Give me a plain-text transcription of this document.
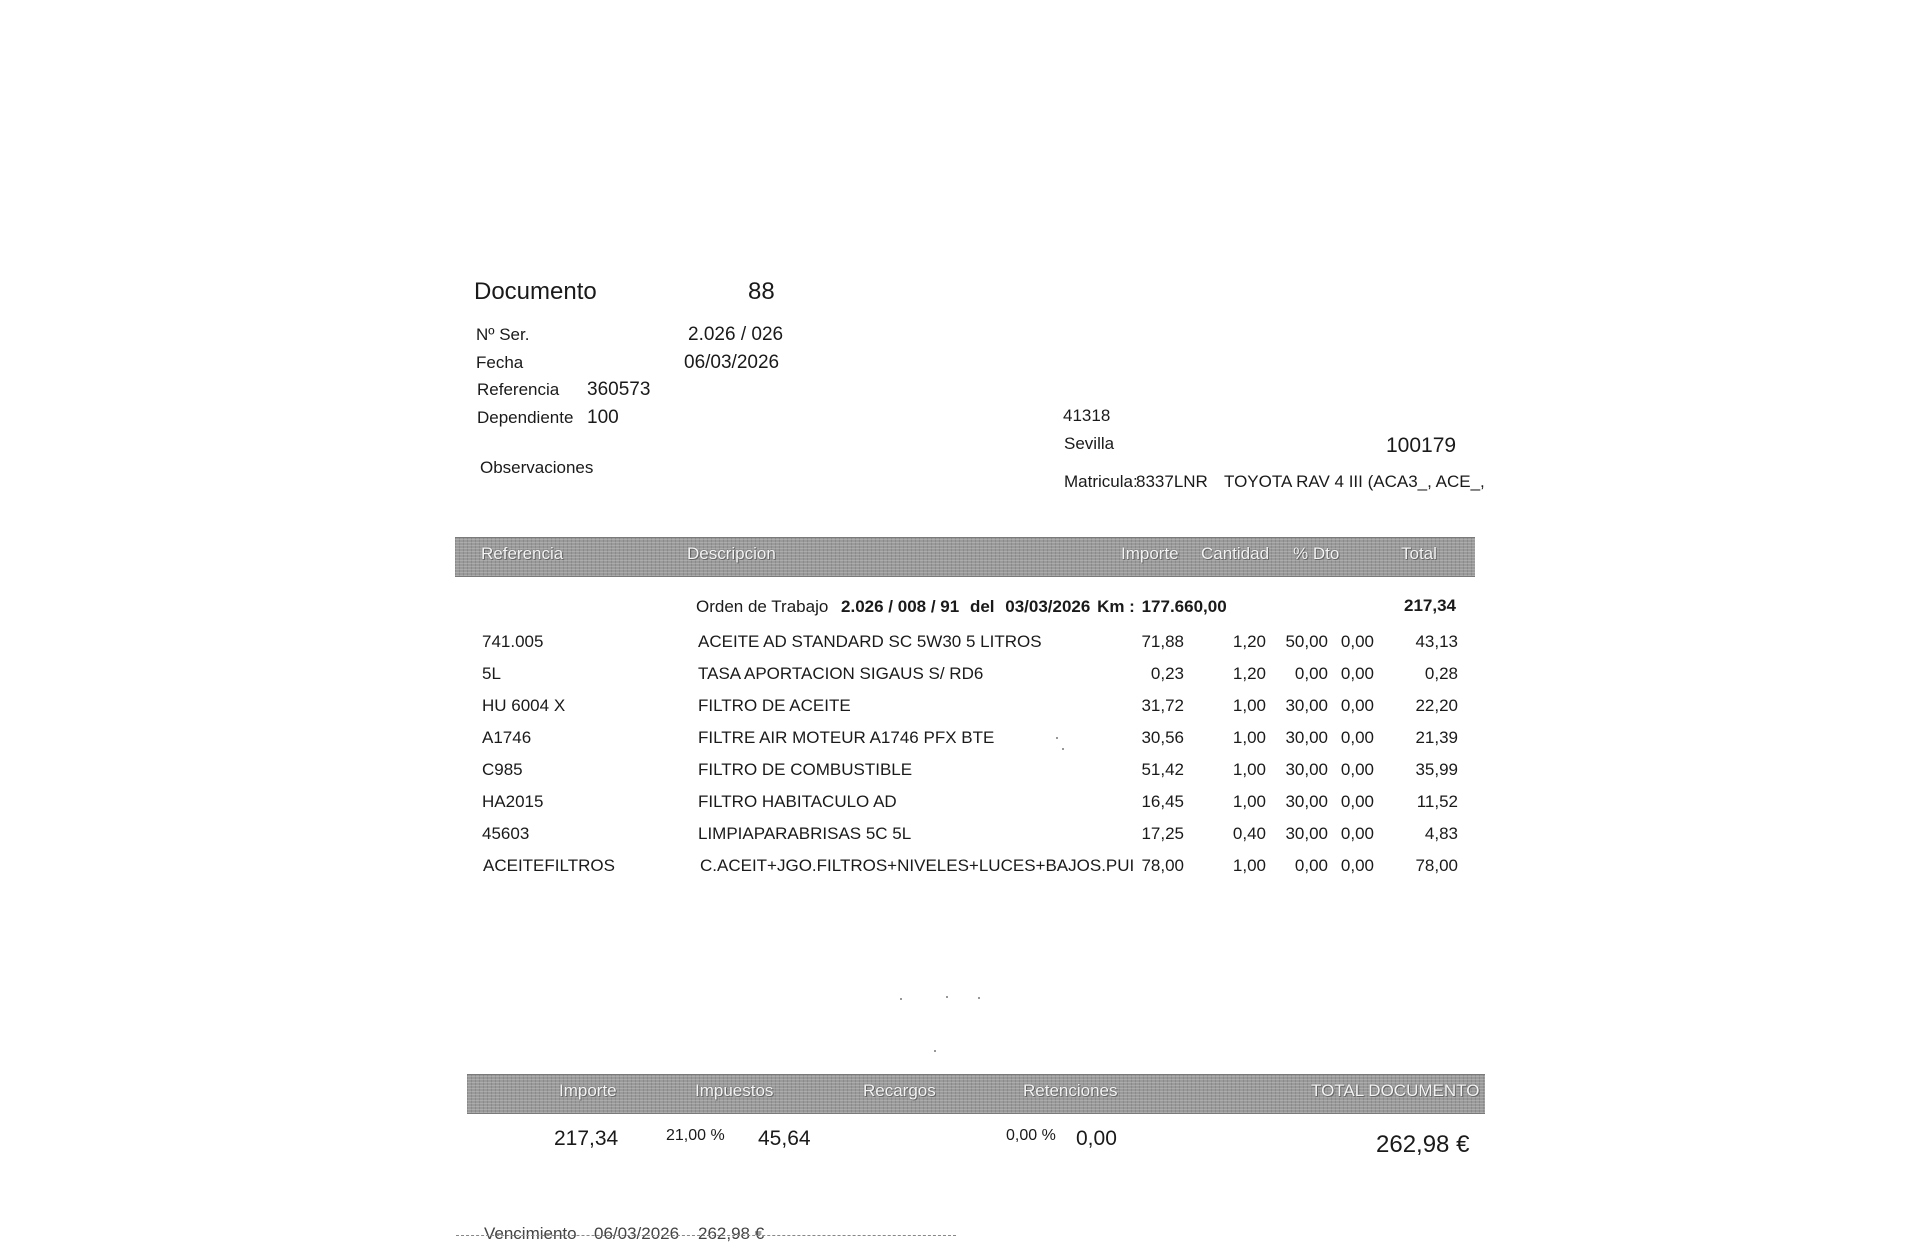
Documento	88
Nº Ser.	2.026 / 026
Fecha	06/03/2026
Referencia 360573
Dependiente 100
Observaciones
41318
Sevilla	100179
Matricula:
8337LNR TOYOTA RAV 4 III (ACA3_, ACE_,
Referencia	Descripcion	Importe Cantidad % Dto	Total
Orden de Trabajo 2.026 / 008 / 91 del 03/03/2026 Km : 177.660,00	217,34
741.005	ACEITE AD STANDARD SC 5W30 5 LITROS	71,88	1,20	50,00 0,00	43,13
5L	TASA APORTACION SIGAUS S/ RD6	0,23	1,20	0,00 0,00	0,28
HU 6004 X	FILTRO DE ACEITE	31,72	1,00	30,00 0,00	22,20
A1746	FILTRE AIR MOTEUR A1746 PFX BTE	30,56	1,00	30,00 0,00	21,39
C985	FILTRO DE COMBUSTIBLE	51,42	1,00	30,00 0,00	35,99
HA2015	FILTRO HABITACULO AD	16,45	1,00	30,00 0,00	11,52
45603	LIMPIAPARABRISAS 5C 5L	17,25	0,40	30,00 0,00	4,83
ACEITEFILTROS	C.ACEIT+JGO.FILTROS+NIVELES+LUCES+BAJOS.PUI 78,00	1,00	0,00 0,00	78,00
Importe	Impuestos	Recargos	Retenciones	TOTAL DOCUMENTO
217,34	21,00 % 45,64	0,00 % 0,00	262,98 €
Vencimiento 06/03/2026 262,98 €
